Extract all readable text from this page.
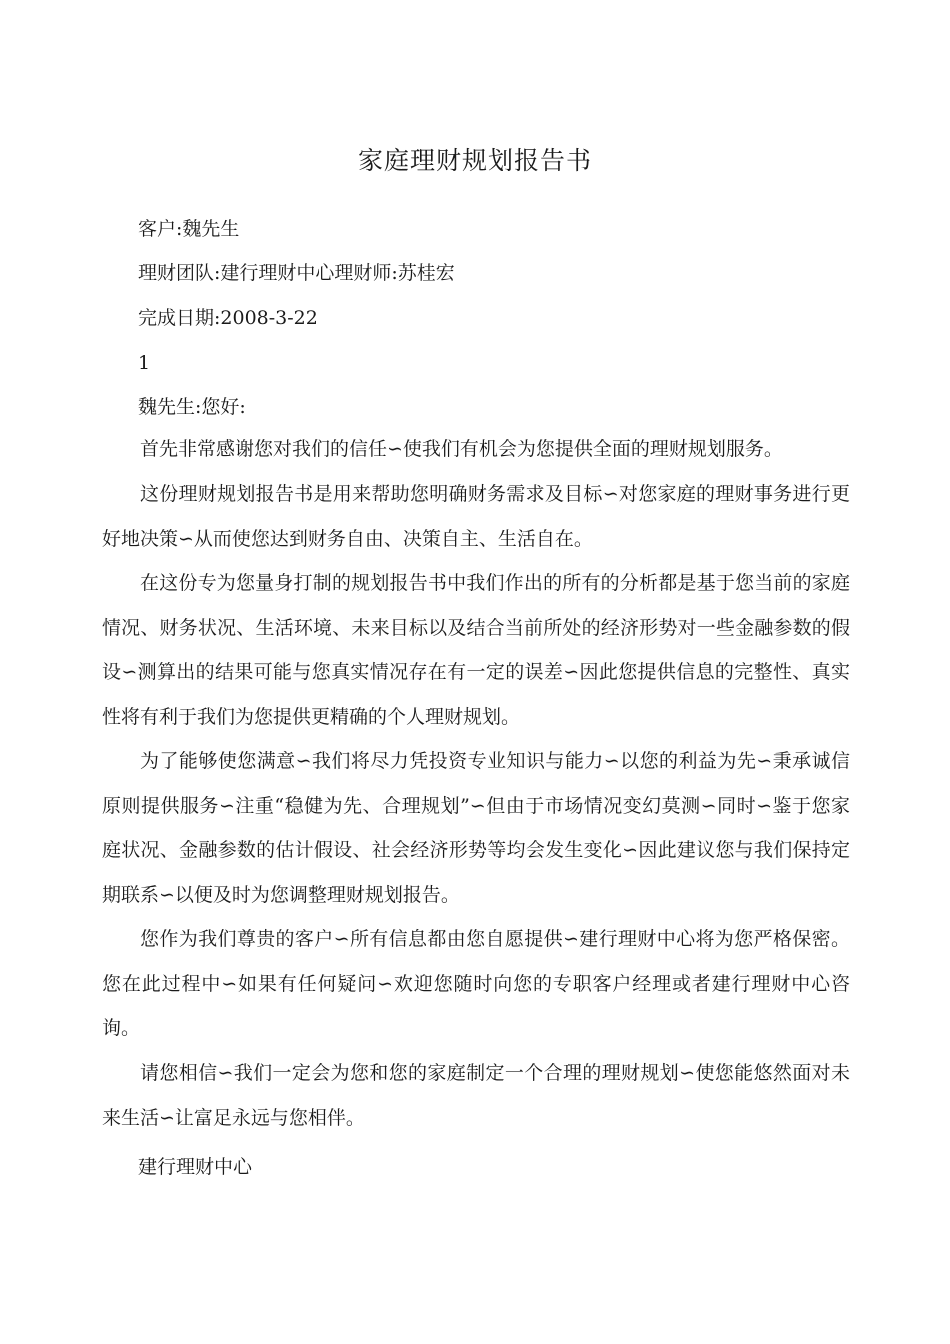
家庭理财规划报告书
客户:魏先生
理财团队:建行理财中心理财师:苏桂宏
完成日期:2008-3-22
1
魏先生:您好:
首先非常感谢您对我们的信任∽使我们有机会为您提供全面的理财规划服务。
这份理财规划报告书是用来帮助您明确财务需求及目标∽对您家庭的理财事务进行更好地决策∽从而使您达到财务自由、决策自主、生活自在。
在这份专为您量身打制的规划报告书中我们作出的所有的分析都是基于您当前的家庭情况、财务状况、生活环境、未来目标以及结合当前所处的经济形势对一些金融参数的假设∽测算出的结果可能与您真实情况存在有一定的误差∽因此您提供信息的完整性、真实性将有利于我们为您提供更精确的个人理财规划。
为了能够使您满意∽我们将尽力凭投资专业知识与能力∽以您的利益为先∽秉承诚信原则提供服务∽注重“稳健为先、合理规划”∽但由于市场情况变幻莫测∽同时∽鉴于您家庭状况、金融参数的估计假设、社会经济形势等均会发生变化∽因此建议您与我们保持定期联系∽以便及时为您调整理财规划报告。
您作为我们尊贵的客户∽所有信息都由您自愿提供∽建行理财中心将为您严格保密。您在此过程中∽如果有任何疑问∽欢迎您随时向您的专职客户经理或者建行理财中心咨询。
请您相信∽我们一定会为您和您的家庭制定一个合理的理财规划∽使您能悠然面对未来生活∽让富足永远与您相伴。
建行理财中心
